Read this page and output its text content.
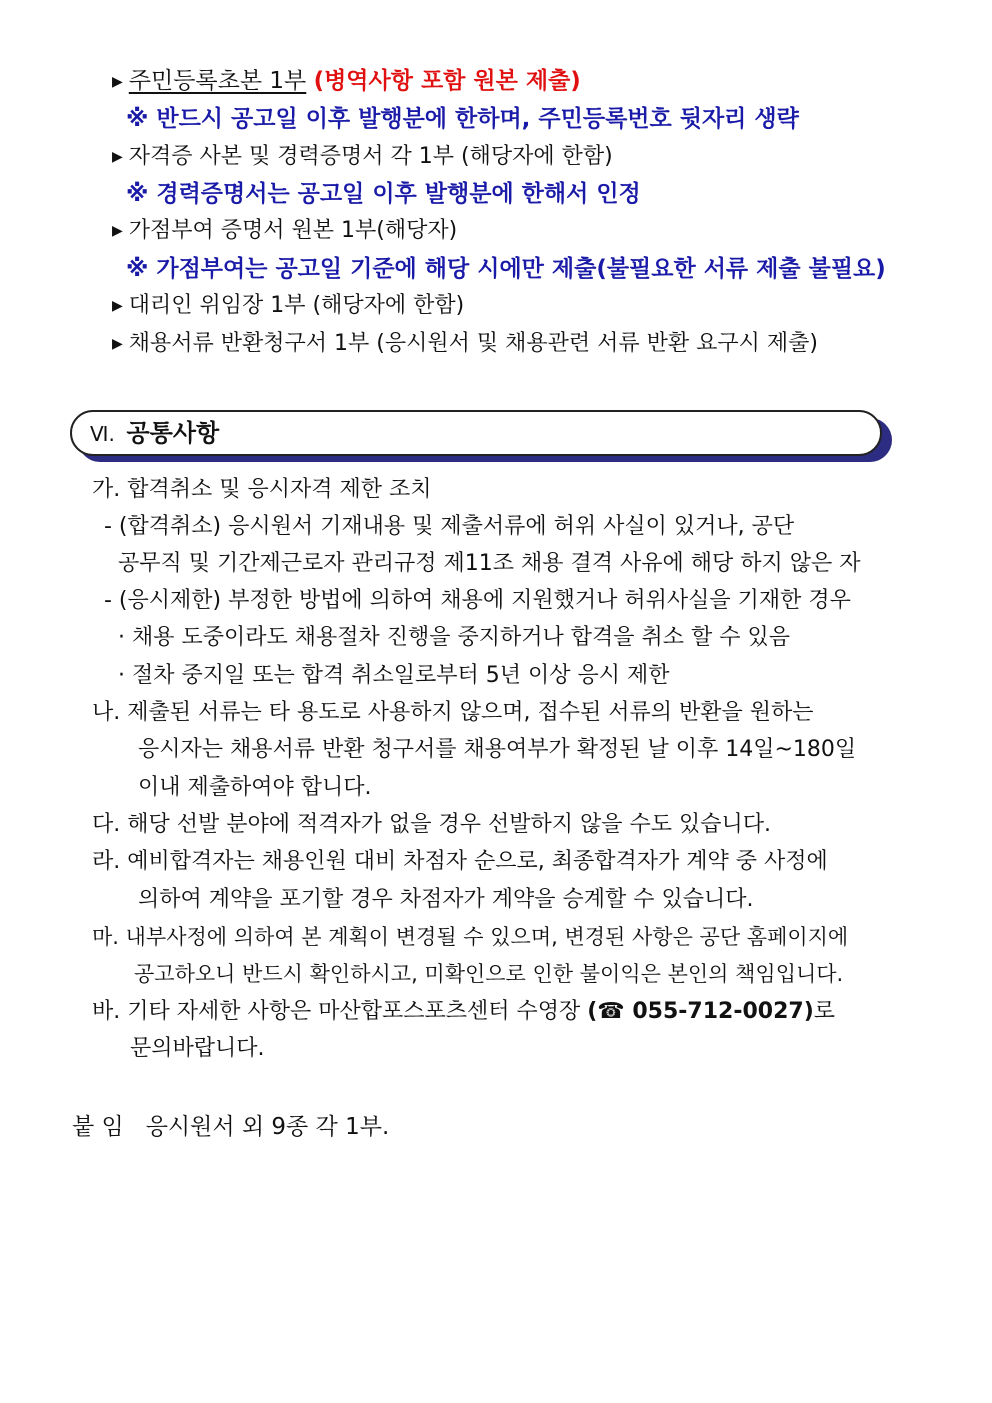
▶ 주민등록초본 1부 (병역사항 포함 원본 제출)
※ 반드시 공고일 이후 발행분에 한하며, 주민등록번호 뒷자리 생략
▶ 자격증 사본 및 경력증명서 각 1부 (해당자에 한함)
※ 경력증명서는 공고일 이후 발행분에 한해서 인정
▶ 가점부여 증명서 원본 1부(해당자)
※ 가점부여는 공고일 기준에 해당 시에만 제출(불필요한 서류 제출 불필요)
▶ 대리인 위임장 1부 (해당자에 한함)
▶ 채용서류 반환청구서 1부 (응시원서 및 채용관련 서류 반환 요구시 제출)
Ⅵ. 공통사항
가. 합격취소 및 응시자격 제한 조치
- (합격취소) 응시원서 기재내용 및 제출서류에 허위 사실이 있거나, 공단
공무직 및 기간제근로자 관리규정 제11조 채용 결격 사유에 해당 하지 않은 자
- (응시제한) 부정한 방법에 의하여 채용에 지원했거나 허위사실을 기재한 경우
· 채용 도중이라도 채용절차 진행을 중지하거나 합격을 취소 할 수 있음
· 절차 중지일 또는 합격 취소일로부터 5년 이상 응시 제한
나. 제출된 서류는 타 용도로 사용하지 않으며, 접수된 서류의 반환을 원하는
응시자는 채용서류 반환 청구서를 채용여부가 확정된 날 이후 14일~180일
이내 제출하여야 합니다.
다. 해당 선발 분야에 적격자가 없을 경우 선발하지 않을 수도 있습니다.
라. 예비합격자는 채용인원 대비 차점자 순으로, 최종합격자가 계약 중 사정에
의하여 계약을 포기할 경우 차점자가 계약을 승계할 수 있습니다.
마. 내부사정에 의하여 본 계획이 변경될 수 있으며, 변경된 사항은 공단 홈페이지에
공고하오니 반드시 확인하시고, 미확인으로 인한 불이익은 본인의 책임입니다.
바. 기타 자세한 사항은 마산합포스포츠센터 수영장 (☎ 055-712-0027)로
문의바랍니다.
붙 임 응시원서 외 9종 각 1부.
